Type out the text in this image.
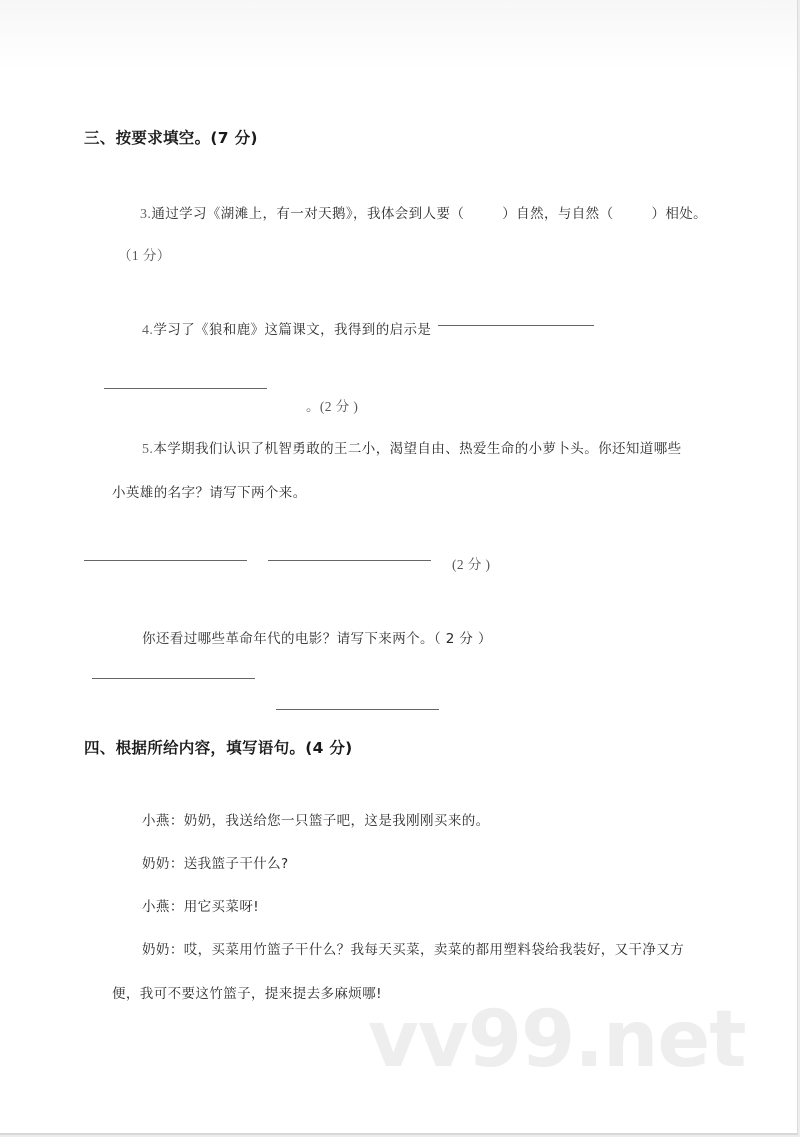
三、按要求填空。(7 分)
3.通过学习《湖滩上，有一对天鹅》，我体会到人要（	）自然，与自然（	）相处。
（1 分）
4.学习了《狼和鹿》这篇课文，我得到的启示是
。(2 分 )
5.本学期我们认识了机智勇敢的王二小，渴望自由、热爱生命的小萝卜头。你还知道哪些
小英雄的名字？请写下两个来。
(2 分 )
你还看过哪些革命年代的电影？请写下来两个。（ 2 分 ）
四、根据所给内容，填写语句。(4 分)
小燕：奶奶，我送给您一只篮子吧，这是我刚刚买来的。
奶奶：送我篮子干什么?
小燕：用它买菜呀!
奶奶：哎，买菜用竹篮子干什么？我每天买菜，卖菜的都用塑料袋给我装好，又干净又方
便，我可不要这竹篮子，提来提去多麻烦哪!
vv99.net
